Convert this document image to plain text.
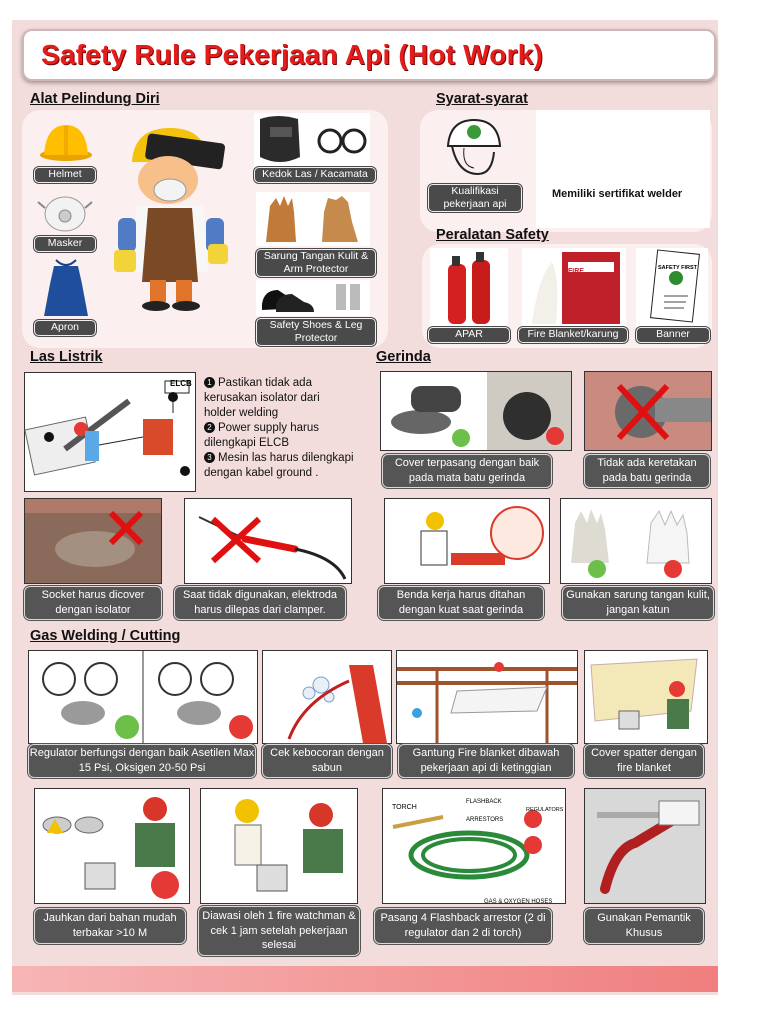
Safety Rule Pekerjaan Api (Hot Work)
Alat Pelindung Diri
Helmet
Masker
Apron
Kedok Las / Kacamata
Sarung Tangan Kulit & Arm Protector
Safety Shoes & Leg Protector
Syarat-syarat
Memiliki sertifikat welder
Kualifikasi pekerjaan api
Peralatan Safety
APAR
FIRE BLANKET
Fire Blanket/karung
SAFETY FIRST
Banner
Las Listrik
ELCB	1 Pastikan tidak ada kerusakan isolator dari holder welding

2 Power supply harus dilengkapi ELCB

3 Mesin las harus dilengkapi dengan kabel ground .

Gerinda
Cover terpasang dengan baik pada mata batu gerinda
Tidak ada keretakan pada batu gerinda
Socket harus dicover dengan isolator
Saat tidak digunakan, elektroda harus dilepas dari clamper.
Benda kerja harus ditahan dengan kuat saat gerinda
Gunakan sarung tangan kulit, jangan katun
Gas Welding / Cutting
Regulator berfungsi dengan baik Asetilen Max 15 Psi, Oksigen 20-50 Psi
Cek kebocoran dengan sabun
Gantung Fire blanket dibawah pekerjaan api di ketinggian
Cover spatter dengan fire blanket
TORCH
FLASHBACK ARRESTORS
REGULATORS
GAS & OXYGEN HOSES
Jauhkan dari bahan mudah terbakar >10 M
Diawasi oleh 1 fire watchman & cek 1 jam setelah pekerjaan selesai
Pasang 4 Flashback arrestor (2 di regulator dan 2 di torch)
Gunakan Pemantik Khusus
